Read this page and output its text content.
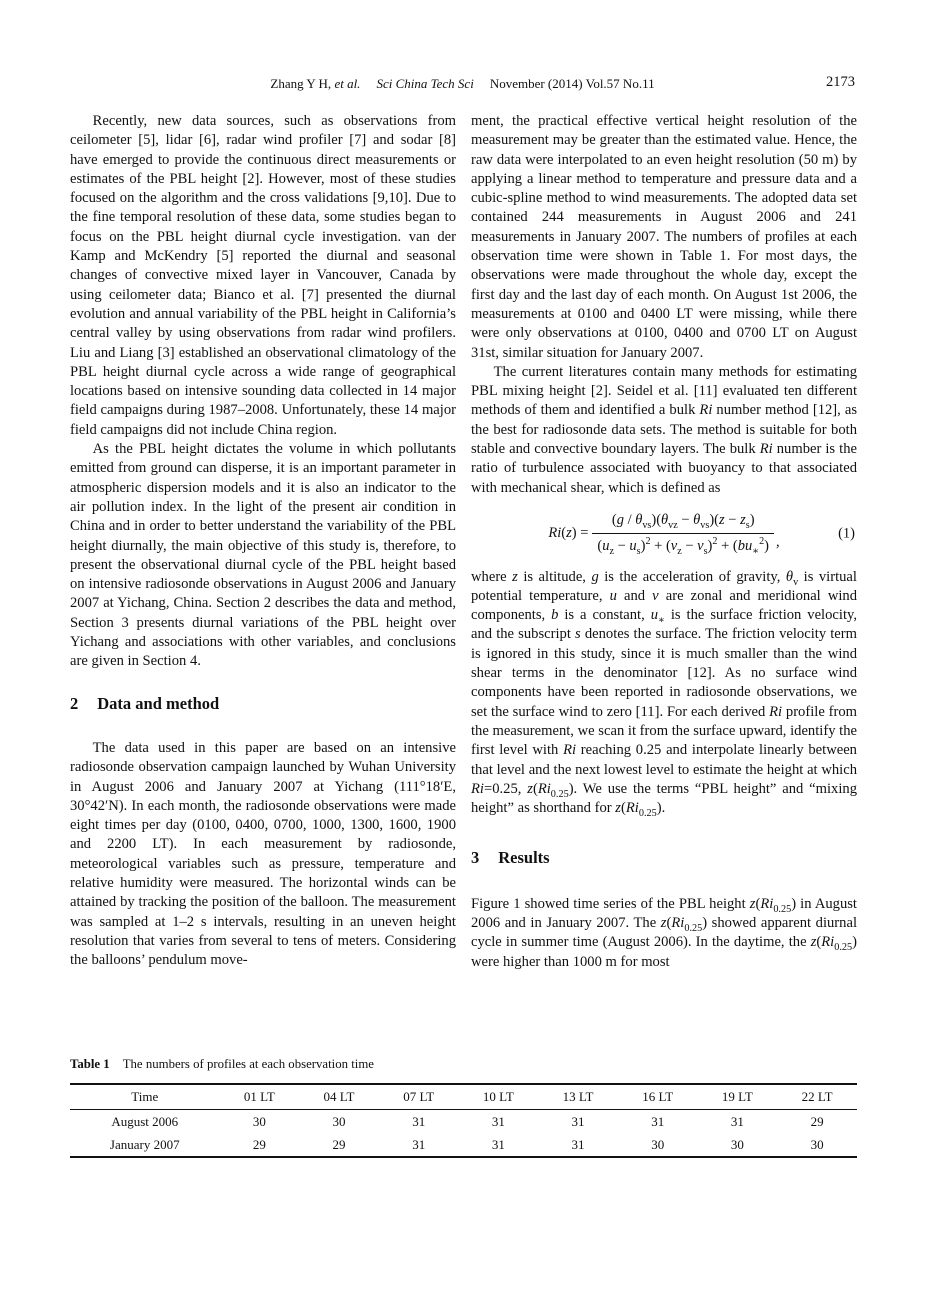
Zhang Y H, et al. Sci China Tech Sci November (2014) Vol.57 No.11	2173

Recently, new data sources, such as observations from ceilometer [5], lidar [6], radar wind profiler [7] and sodar [8] have emerged to provide the continuous direct measurements or estimates of the PBL height [2]. However, most of these studies focused on the algorithm and the cross validations [9,10]. Due to the fine temporal resolution of these data, some studies began to focus on the PBL height diurnal cycle investigation. van der Kamp and McKendry [5] reported the diurnal and seasonal changes of convective mixed layer in Vancouver, Canada by using ceilometer data; Bianco et al. [7] presented the diurnal evolution and annual variability of the PBL height in California’s central valley by using observations from radar wind profilers. Liu and Liang [3] established an observational climatology of the PBL height diurnal cycle across a wide range of geographical locations based on intensive sounding data collected in 14 major field campaigns during 1987–2008. Unfortunately, these 14 major field campaigns did not include China region.

As the PBL height dictates the volume in which pollutants emitted from ground can disperse, it is an important parameter in atmospheric dispersion models and it is also an indicator to the air pollution index. In the light of the present air condition in China and in order to better understand the variability of the PBL height diurnally, the main objective of this study is, therefore, to present the observational diurnal cycle of the PBL height based on intensive radiosonde observations in August 2006 and January 2007 at Yichang, China. Section 2 describes the data and method, Section 3 presents diurnal variations of the PBL height over Yichang and associations with other variables, and conclusions are given in Section 4.

2 Data and method

The data used in this paper are based on an intensive radiosonde observation campaign launched by Wuhan University in August 2006 and January 2007 at Yichang (111°18′E, 30°42′N). In each month, the radiosonde observations were made eight times per day (0100, 0400, 0700, 1000, 1300, 1600, 1900 and 2200 LT). In each measurement by radiosonde, meteorological variables such as pressure, temperature and relative humidity were measured. The horizontal winds can be attained by tracking the position of the balloon. The measurement was sampled at 1–2 s intervals, resulting in an uneven height resolution that varies from several to tens of meters. Considering the balloons’ pendulum move-

ment, the practical effective vertical height resolution of the measurement may be greater than the estimated value. Hence, the raw data were interpolated to an even height resolution (50 m) by applying a linear method to temperature and pressure data and a cubic-spline method to wind measurements. The adopted data set contained 244 measurements in August 2006 and 241 measurements in January 2007. The numbers of profiles at each observation time were shown in Table 1. For most days, the observations were made throughout the whole day, except the first day and the last day of each month. On August 1st 2006, the measurements at 0100 and 0400 LT were missing, while there were only observations at 0100, 0400 and 0700 LT on August 31st, similar situation for January 2007.

The current literatures contain many methods for estimating PBL mixing height [2]. Seidel et al. [11] evaluated ten different methods of them and identified a bulk Ri number method [12], as the best for radiosonde data sets. The method is suitable for both stable and convective boundary layers. The bulk Ri number is the ratio of turbulence associated with buoyancy to that associated with mechanical shear, which is defined as

$Ri(z) = \frac{(g / \theta_{vs})(\theta_{vz} - \theta_{vs})(z - z_s)}{(u_z - u_s)^2 + (v_z - v_s)^2 + (bu_∗^2)}$ ,
(1)

where z is altitude, g is the acceleration of gravity, $\theta_v$ is virtual potential temperature, u and v are zonal and meridional wind components, b is a constant, $u_∗$ is the surface friction velocity, and the subscript s denotes the surface. The friction velocity term is ignored in this study, since it is much smaller than the wind shear terms in the denominator [12]. As no surface wind components have been reported in radiosonde observations, we set the surface wind to zero [11]. For each derived Ri profile from the measurement, we scan it from the surface upward, identify the first level with Ri reaching 0.25 and interpolate linearly between that level and the next lowest level to estimate the height at which Ri=0.25, $z(Ri_{0.25})$. We use the terms “PBL height” and “mixing height” as shorthand for $z(Ri_{0.25})$.

3 Results

Figure 1 showed time series of the PBL height $z(Ri_{0.25})$ in August 2006 and in January 2007. The $z(Ri_{0.25})$ showed apparent diurnal cycle in summer time (August 2006). In the daytime, the $z(Ri_{0.25})$ were higher than 1000 m for most

Table 1 The numbers of profiles at each observation time
Time	01 LT	04 LT	07 LT	10 LT	13 LT	16 LT	19 LT	22 LT
August 2006	30	30	31	31	31	31	31	29
January 2007	29	29	31	31	31	30	30	30
